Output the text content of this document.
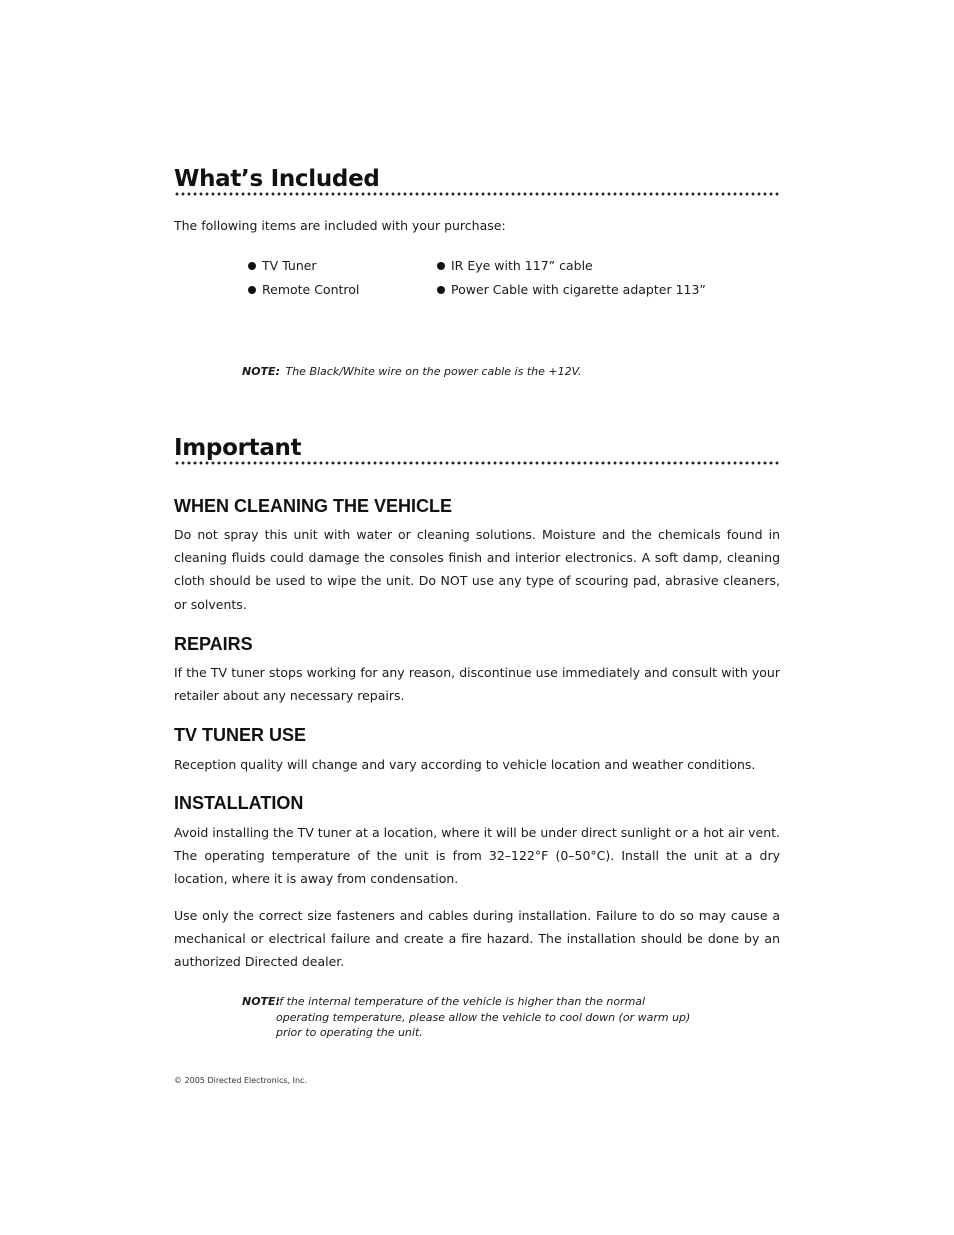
What’s Included

The following items are included with your purchase:

TV Tuner
Remote Control
IR Eye with 117” cable
Power Cable with cigarette adapter 113”
NOTE: The Black/White wire on the power cable is the +12V.
Important
WHEN CLEANING THE VEHICLE

Do not spray this unit with water or cleaning solutions. Moisture and the chemicals found in cleaning fluids could damage the consoles finish and interior electronics. A soft damp, cleaning cloth should be used to wipe the unit. Do NOT use any type of scouring pad, abrasive cleaners, or solvents.

REPAIRS

If the TV tuner stops working for any reason, discontinue use immediately and consult with your retailer about any necessary repairs.

TV TUNER USE

Reception quality will change and vary according to vehicle location and weather conditions.

INSTALLATION

Avoid installing the TV tuner at a location, where it will be under direct sunlight or a hot air vent. The operating temperature of the unit is from 32–122°F (0–50°C). Install the unit at a dry location, where it is away from condensation.

Use only the correct size fasteners and cables during installation. Failure to do so may cause a mechanical or electrical failure and create a fire hazard. The installation should be done by an authorized Directed dealer.

NOTE:
If the internal temperature of the vehicle is higher than the normal operating temperature, please allow the vehicle to cool down (or warm up) prior to operating the unit.
© 2005 Directed Electronics, Inc.
